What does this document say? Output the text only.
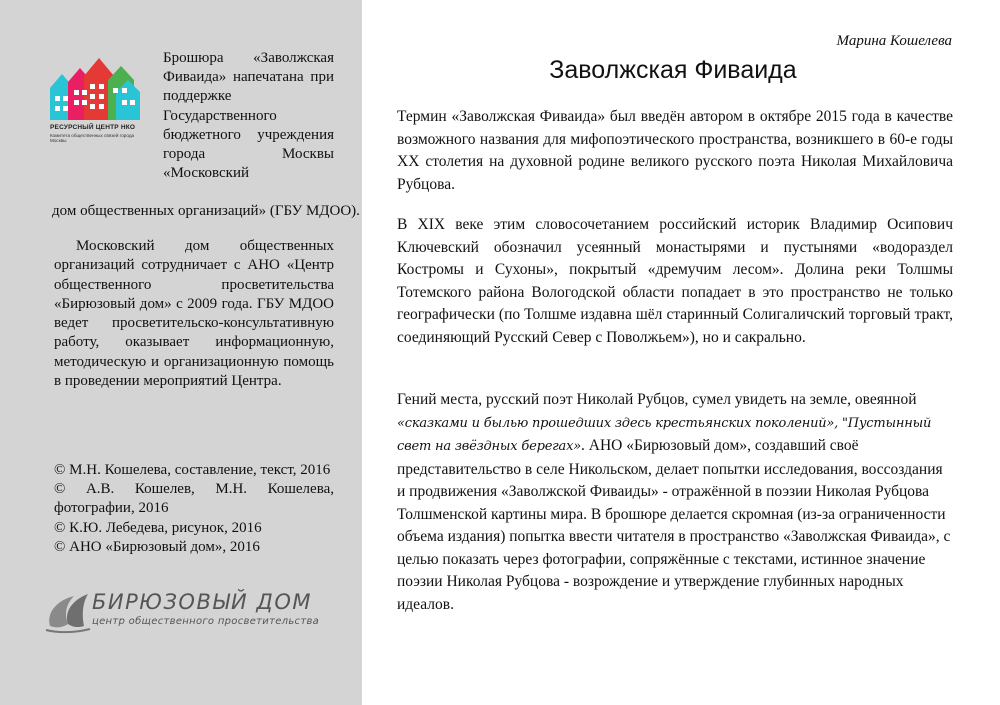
РЕСУРСНЫЙ ЦЕНТР НКО
Комитета общественных связей города Москвы
Брошюра «Заволжская Фиваида» напечатана при поддержке Государственного бюджетного учреждения города Москвы «Московский
дом общественных организаций» (ГБУ МДОО).
Московский дом общественных организаций сотрудничает с АНО «Центр общественного просветительства «Бирюзовый дом» с 2009 года. ГБУ МДОО ведет просветительско-консультативную работу, оказывает информационную, методическую и организационную помощь в проведении мероприятий Центра.
© М.Н. Кошелева, составление, текст, 2016
© А.В. Кошелев, М.Н. Кошелева, фотографии, 2016
© К.Ю. Лебедева, рисунок, 2016
© АНО «Бирюзовый дом», 2016
БИРЮЗОВЫЙ ДОМ
центр общественного просветительства
Марина Кошелева
Заволжская Фиваида
Термин «Заволжская Фиваида» был введён автором в октябре 2015 года в качестве возможного названия для мифопоэтического пространства, возникшего в 60-е годы XX столетия на духовной родине великого русского поэта Николая Михайловича Рубцова.
В XIX веке этим словосочетанием российский историк Владимир Осипович Ключевский обозначил усеянный монастырями и пустынями «водораздел Костромы и Сухоны», покрытый «дремучим лесом». Долина реки Толшмы Тотемского района Вологодской области попадает в это пространство не только географически (по Толшме издавна шёл старинный Солигаличский торговый тракт, соединяющий Русский Север с Поволжьем»), но и сакрально.
Гений места, русский поэт Николай Рубцов, сумел увидеть на земле, овеянной «сказками и былью прошедших здесь крестьянских поколений», "Пустынный свет на звёздных берегах». АНО «Бирюзовый дом», создавший своё представительство в селе Никольском, делает попытки исследования, воссоздания и продвижения «Заволжской Фиваиды» - отражённой в поэзии Николая Рубцова Толшменской картины мира. В брошюре делается скромная (из-за ограниченности объема издания) попытка ввести читателя в пространство «Заволжская Фиваида», с целью показать через фотографии, сопряжённые с текстами, истинное значение поэзии Николая Рубцова - возрождение и утверждение глубинных народных идеалов.
